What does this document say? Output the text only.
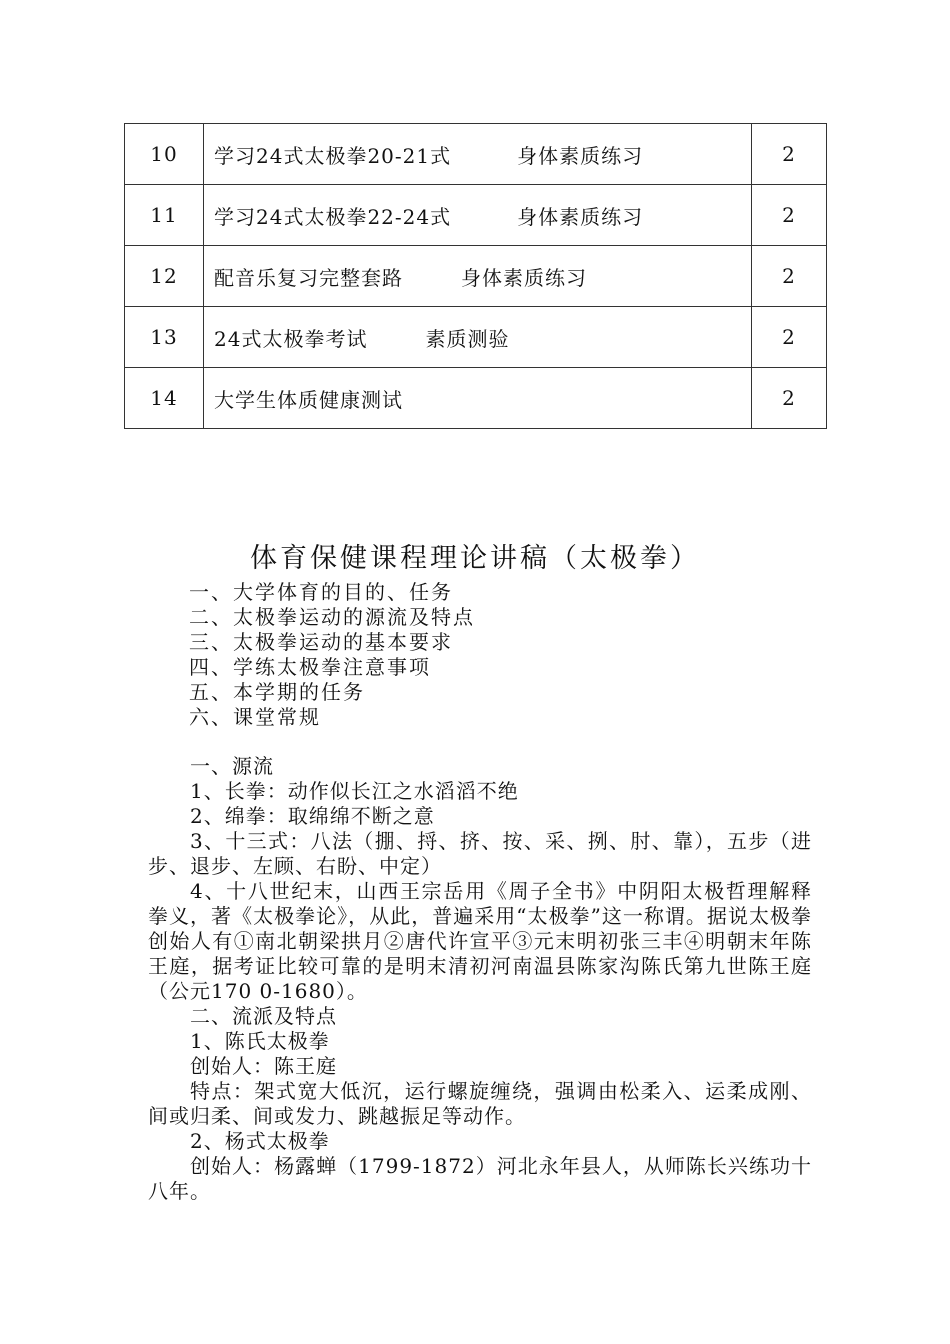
10	学习24式太极拳20-21式 身体素质练习	2
11	学习24式太极拳22-24式 身体素质练习	2
12	配音乐复习完整套路 身体素质练习	2
13	24式太极拳考试 素质测验	2
14	大学生体质健康测试	2
体育保健课程理论讲稿（太极拳）
一、大学体育的目的、任务
二、太极拳运动的源流及特点
三、太极拳运动的基本要求
四、学练太极拳注意事项
五、本学期的任务
六、课堂常规

一、源流

1、长拳：动作似长江之水滔滔不绝

2、绵拳：取绵绵不断之意

3、十三式：八法（掤、捋、挤、按、采、挒、肘、靠），五步（进步、退步、左顾、右盼、中定）

4、十八世纪末，山西王宗岳用《周子全书》中阴阳太极哲理解释拳义，著《太极拳论》，从此，普遍采用“太极拳”这一称谓。据说太极拳创始人有①南北朝梁拱月②唐代许宣平③元末明初张三丰④明朝末年陈王庭，据考证比较可靠的是明末清初河南温县陈家沟陈氏第九世陈王庭（公元170 0-1680）。

二、流派及特点

1、陈氏太极拳

创始人：陈王庭

特点：架式宽大低沉，运行螺旋缠绕，强调由松柔入、运柔成刚、间或归柔、间或发力、跳越振足等动作。

2、杨式太极拳

创始人：杨露蝉（1799-1872）河北永年县人，从师陈长兴练功十八年。
